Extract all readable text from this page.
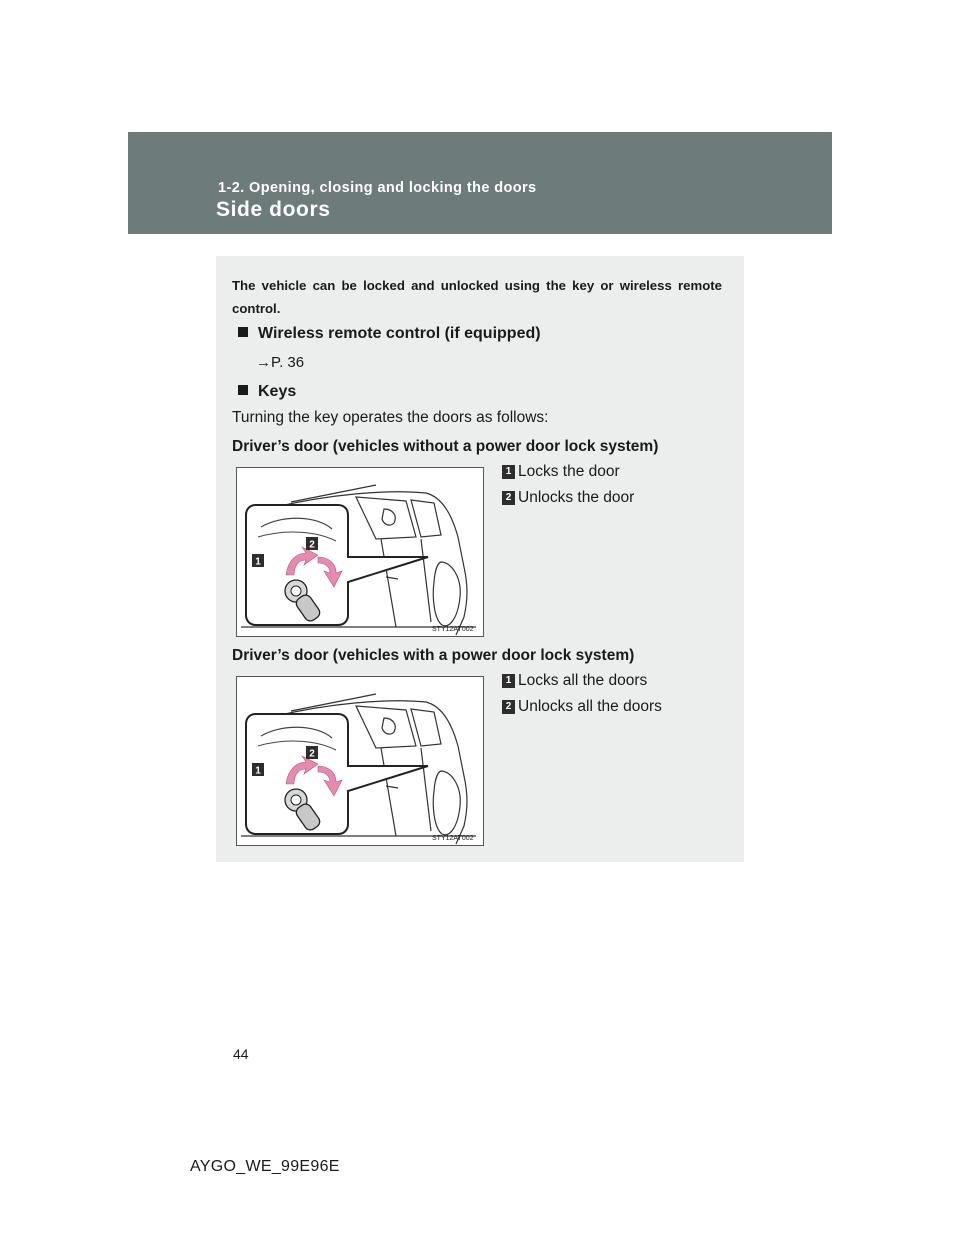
1-2. Opening, closing and locking the doors
Side doors
The vehicle can be locked and unlocked using the key or wireless remote control.
Wireless remote control (if equipped)
→P. 36
Keys
Turning the key operates the doors as follows:
Driver’s door (vehicles without a power door lock system)
1
2
STY12AT002
1 Locks the door
2 Unlocks the door
Driver’s door (vehicles with a power door lock system)
1
2
STY12AT002
1 Locks all the doors
2 Unlocks all the doors
44
AYGO_WE_99E96E
